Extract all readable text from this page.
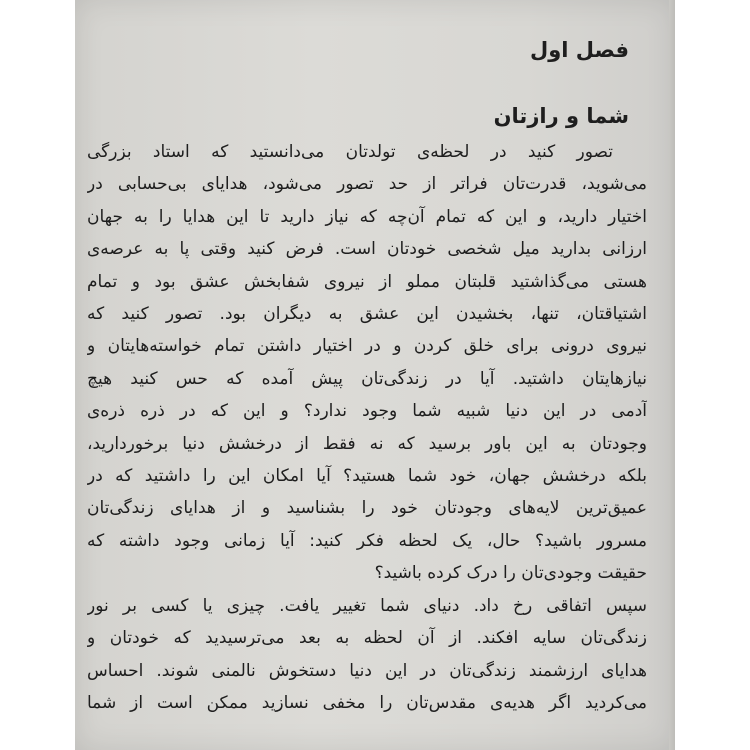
فصل اول
شما و رازتان

تصور کنید در لحظه‌ی تولدتان می‌دانستید که استاد بزرگی
می‌شوید، قدرت‌تان فراتر از حد تصور می‌شود، هدایای بی‌حسابی در
اختیار دارید، و این که تمام آن‌چه که نیاز دارید تا این هدایا را به جهان
ارزانی بدارید میل شخصی خودتان است. فرض کنید وقتی پا به عرصه‌ی
هستی می‌گذاشتید قلبتان مملو از نیروی شفابخش عشق بود و تمام
اشتیاقتان، تنها، بخشیدن این عشق به دیگران بود. تصور کنید که
نیروی درونی برای خلق کردن و در اختیار داشتن تمام خواسته‌هایتان و
نیازهایتان داشتید. آیا در زندگی‌تان پیش آمده که حس کنید هیچ
آدمی در این دنیا شبیه شما وجود ندارد؟ و این که در ذره ذره‌ی
وجودتان به این باور برسید که نه فقط از درخشش دنیا برخوردارید،
بلکه درخشش جهان، خود شما هستید؟ آیا امکان این را داشتید که در
عمیق‌ترین لایه‌های وجودتان خود را بشناسید و از هدایای زندگی‌تان
مسرور باشید؟ حال، یک لحظه فکر کنید: آیا زمانی وجود داشته که
حقیقت وجودی‌تان را درک کرده باشید؟

سپس اتفاقی رخ داد. دنیای شما تغییر یافت. چیزی یا کسی بر نور
زندگی‌تان سایه افکند. از آن لحظه به بعد می‌ترسیدید که خودتان و
هدایای ارزشمند زندگی‌تان در این دنیا دستخوش نالمنی شوند. احساس
می‌کردید اگر هدیه‌ی مقدس‌تان را مخفی نسازید ممکن است از شما
